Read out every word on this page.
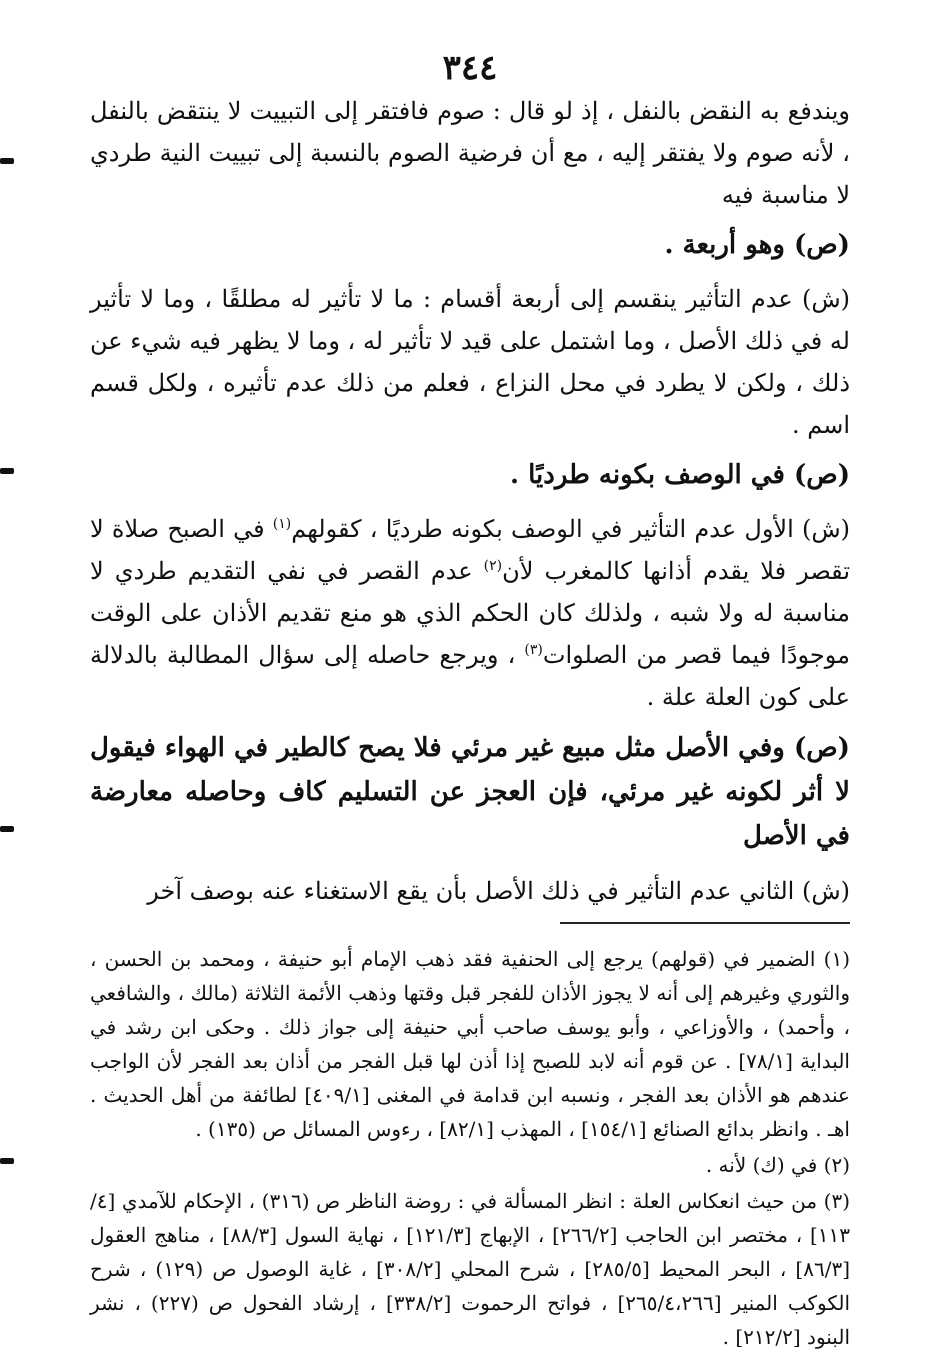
٣٤٤

ويندفع به النقض بالنفل ، إذ لو قال : صوم فافتقر إلى التبييت لا ينتقض بالنفل ، لأنه صوم ولا يفتقر إليه ، مع أن فرضية الصوم بالنسبة إلى تبييت النية طردي لا مناسبة فيه

(ص) وهو أربعة .

(ش) عدم التأثير ينقسم إلى أربعة أقسام : ما لا تأثير له مطلقًا ، وما لا تأثير له في ذلك الأصل ، وما اشتمل على قيد لا تأثير له ، وما لا يظهر فيه شيء عن ذلك ، ولكن لا يطرد في محل النزاع ، فعلم من ذلك عدم تأثيره ، ولكل قسم اسم .

(ص) في الوصف بكونه طرديًا .

(ش) الأول عدم التأثير في الوصف بكونه طرديًا ، كقولهم$^{(١)}$ في الصبح صلاة لا تقصر فلا يقدم أذانها كالمغرب لأن$^{(٢)}$ عدم القصر في نفي التقديم طردي لا مناسبة له ولا شبه ، ولذلك كان الحكم الذي هو منع تقديم الأذان على الوقت موجودًا فيما قصر من الصلوات$^{(٣)}$ ، ويرجع حاصله إلى سؤال المطالبة بالدلالة على كون العلة علة .

(ص) وفي الأصل مثل مبيع غير مرئي فلا يصح كالطير في الهواء فيقول لا أثر لكونه غير مرئي، فإن العجز عن التسليم كاف وحاصله معارضة في الأصل

(ش) الثاني عدم التأثير في ذلك الأصل بأن يقع الاستغناء عنه بوصف آخر

(١) الضمير في (قولهم) يرجع إلى الحنفية فقد ذهب الإمام أبو حنيفة ، ومحمد بن الحسن ، والثوري وغيرهم إلى أنه لا يجوز الأذان للفجر قبل وقتها وذهب الأئمة الثلاثة (مالك ، والشافعي ، وأحمد) ، والأوزاعي ، وأبو يوسف صاحب أبي حنيفة إلى جواز ذلك . وحكى ابن رشد في البداية [٧٨/١] . عن قوم أنه لابد للصبح إذا أذن لها قبل الفجر من أذان بعد الفجر لأن الواجب عندهم هو الأذان بعد الفجر ، ونسبه ابن قدامة في المغنى [٤٠٩/١] لطائفة من أهل الحديث . اهـ . وانظر بدائع الصنائع [١٥٤/١] ، المهذب [٨٢/١] ، رءوس المسائل ص (١٣٥) .

(٢) في (ك) لأنه .

(٣) من حيث انعكاس العلة : انظر المسألة في : روضة الناظر ص (٣١٦) ، الإحكام للآمدي [٤/ ١١٣] ، مختصر ابن الحاجب [٢٦٦/٢] ، الإبهاج [١٢١/٣] ، نهاية السول [٨٨/٣] ، مناهج العقول [٨٦/٣] ، البحر المحيط [٢٨٥/٥] ، شرح المحلي [٣٠٨/٢] ، غاية الوصول ص (١٢٩) ، شرح الكوكب المنير [٢٦٥/٤،٢٦٦] ، فواتح الرحموت [٣٣٨/٢] ، إرشاد الفحول ص (٢٢٧) ، نشر البنود [٢١٢/٢] .
